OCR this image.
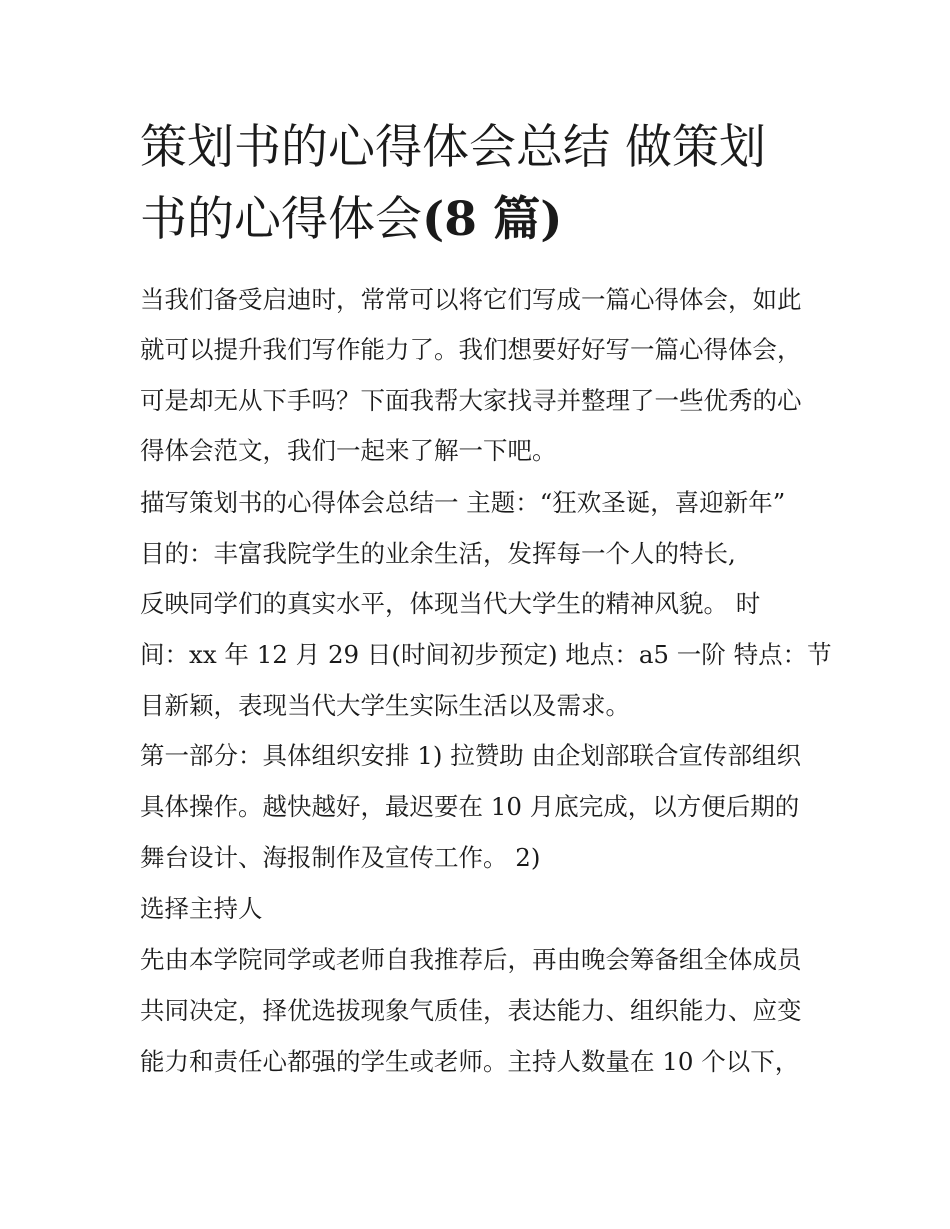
策划书的心得体会总结 做策划
书的心得体会(8 篇)

当我们备受启迪时，常常可以将它们写成一篇心得体会，如此

就可以提升我们写作能力了。我们想要好好写一篇心得体会，

可是却无从下手吗？下面我帮大家找寻并整理了一些优秀的心

得体会范文，我们一起来了解一下吧。

描写策划书的心得体会总结一 主题：“狂欢圣诞，喜迎新年”

目的：丰富我院学生的业余生活，发挥每一个人的特长,

反映同学们的真实水平，体现当代大学生的精神风貌。 时

间：xx 年 12 月 29 日(时间初步预定) 地点：a5 一阶 特点：节

目新颖，表现当代大学生实际生活以及需求。

第一部分：具体组织安排 1) 拉赞助 由企划部联合宣传部组织

具体操作。越快越好，最迟要在 10 月底完成，以方便后期的

舞台设计、海报制作及宣传工作。 2)

选择主持人

先由本学院同学或老师自我推荐后，再由晚会筹备组全体成员

共同决定，择优选拔现象气质佳，表达能力、组织能力、应变

能力和责任心都强的学生或老师。主持人数量在 10 个以下，
